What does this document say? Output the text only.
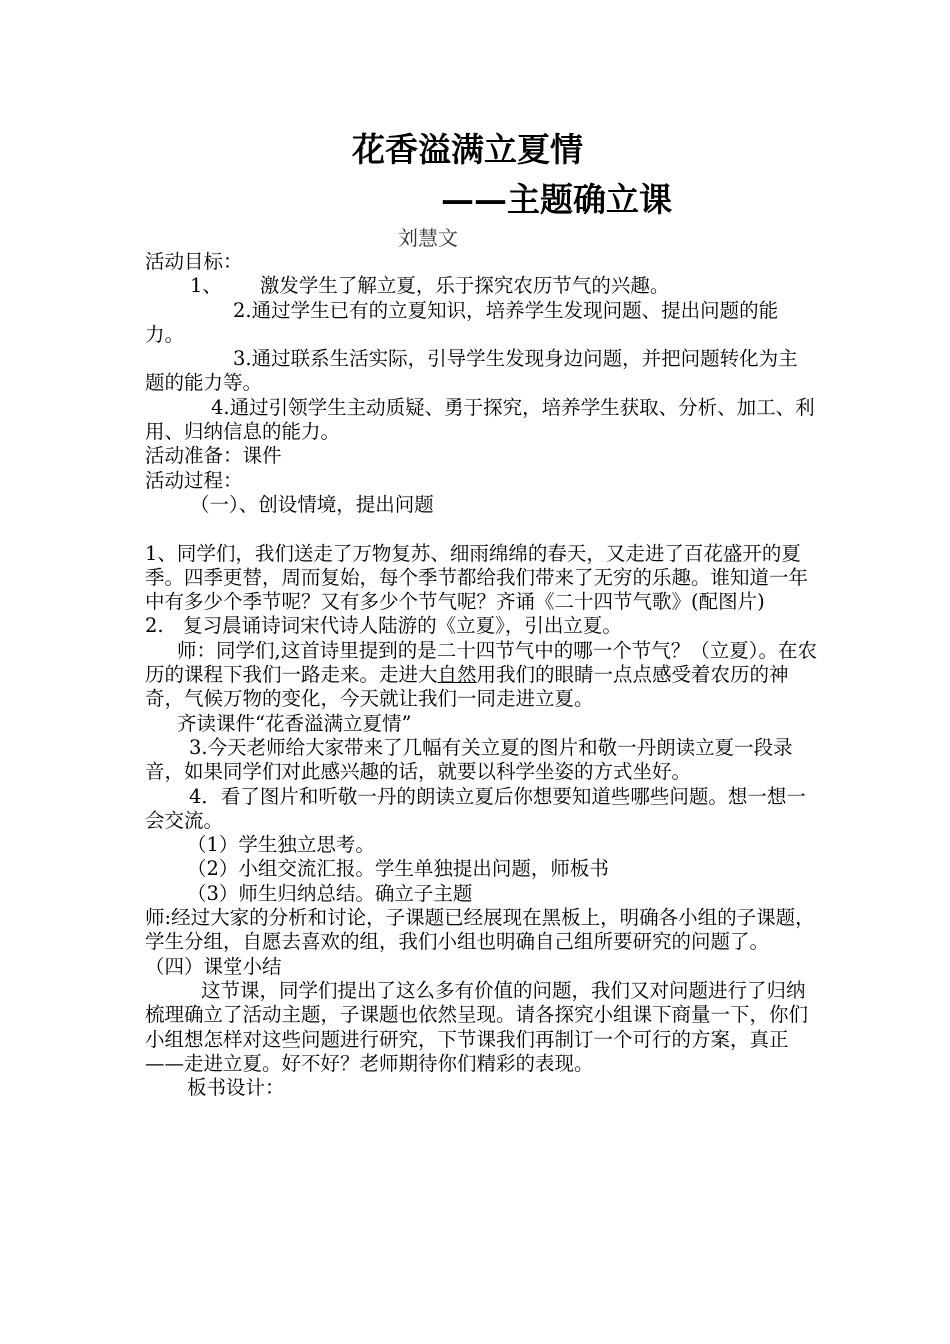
花香溢满立夏情
——主题确立课
刘慧文

活动目标：

1、 激发学生了解立夏，乐于探究农历节气的兴趣。

2.通过学生已有的立夏知识，培养学生发现问题、提出问题的能力。

3.通过联系生活实际，引导学生发现身边问题，并把问题转化为主题的能力等。

4.通过引领学生主动质疑、勇于探究，培养学生获取、分析、加工、利用、归纳信息的能力。

活动准备：课件

活动过程：

（一）、创设情境，提出问题

1、同学们，我们送走了万物复苏、细雨绵绵的春天，又走进了百花盛开的夏季。四季更替，周而复始，每个季节都给我们带来了无穷的乐趣。谁知道一年中有多少个季节呢？又有多少个节气呢？齐诵《二十四节气歌》(配图片)

2.　复习晨诵诗词宋代诗人陆游的《立夏》，引出立夏。

师：同学们,这首诗里提到的是二十四节气中的哪一个节气？（立夏）。在农历的课程下我们一路走来。走进大自然用我们的眼睛一点点感受着农历的神奇，气候万物的变化，今天就让我们一同走进立夏。

齐读课件“花香溢满立夏情”

3.今天老师给大家带来了几幅有关立夏的图片和敬一丹朗读立夏一段录音，如果同学们对此感兴趣的话，就要以科学坐姿的方式坐好。

4．看了图片和听敬一丹的朗读立夏后你想要知道些哪些问题。想一想一会交流。

（1）学生独立思考。

（2）小组交流汇报。学生单独提出问题，师板书

（3）师生归纳总结。确立子主题

师:经过大家的分析和讨论，子课题已经展现在黑板上，明确各小组的子课题，学生分组，自愿去喜欢的组，我们小组也明确自己组所要研究的问题了。

（四）课堂小结

这节课，同学们提出了这么多有价值的问题，我们又对问题进行了归纳梳理确立了活动主题，子课题也依然呈现。请各探究小组课下商量一下，你们小组想怎样对这些问题进行研究，下节课我们再制订一个可行的方案，真正——走进立夏。好不好？老师期待你们精彩的表现。

板书设计：
